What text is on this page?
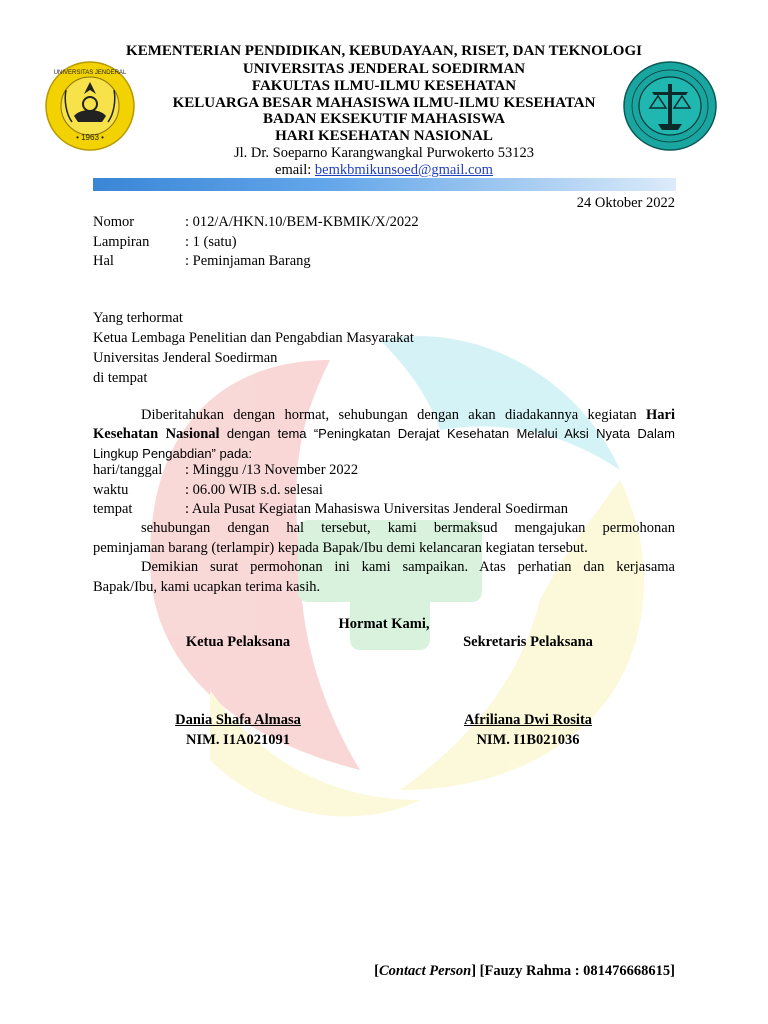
• 1963 •
UNIVERSITAS JENDERAL
KEMENTERIAN PENDIDIKAN, KEBUDAYAAN, RISET, DAN TEKNOLOGI
UNIVERSITAS JENDERAL SOEDIRMAN
FAKULTAS ILMU-ILMU KESEHATAN
KELUARGA BESAR MAHASISWA ILMU-ILMU KESEHATAN
BADAN EKSEKUTIF MAHASISWA
HARI KESEHATAN NASIONAL
Jl. Dr. Soeparno Karangwangkal Purwokerto 53123
email: bemkbmikunsoed@gmail.com
24 Oktober 2022
Nomor	: 012/A/HKN.10/BEM-KBMIK/X/2022
Lampiran : 1 (satu)
Hal	: Peminjaman Barang
Yang terhormat
Ketua Lembaga Penelitian dan Pengabdian Masyarakat
Universitas Jenderal Soedirman
di tempat
Diberitahukan dengan hormat, sehubungan dengan akan diadakannya kegiatan Hari
Kesehatan Nasional dengan tema “Peningkatan Derajat Kesehatan Melalui Aksi Nyata Dalam
Lingkup Pengabdian” pada:
hari/tanggal : Minggu /13 November 2022
waktu	: 06.00 WIB s.d. selesai
tempat	: Aula Pusat Kegiatan Mahasiswa Universitas Jenderal Soedirman
sehubungan dengan hal tersebut, kami bermaksud mengajukan permohonan
peminjaman barang (terlampir) kepada Bapak/Ibu demi kelancaran kegiatan tersebut.
Demikian surat permohonan ini kami sampaikan. Atas perhatian dan kerjasama
Bapak/Ibu, kami ucapkan terima kasih.
Hormat Kami,
Ketua Pelaksana	Sekretaris Pelaksana
Dania Shafa Almasa	Afriliana Dwi Rosita
NIM. I1A021091	NIM. I1B021036
[Contact Person] [Fauzy Rahma : 081476668615]
